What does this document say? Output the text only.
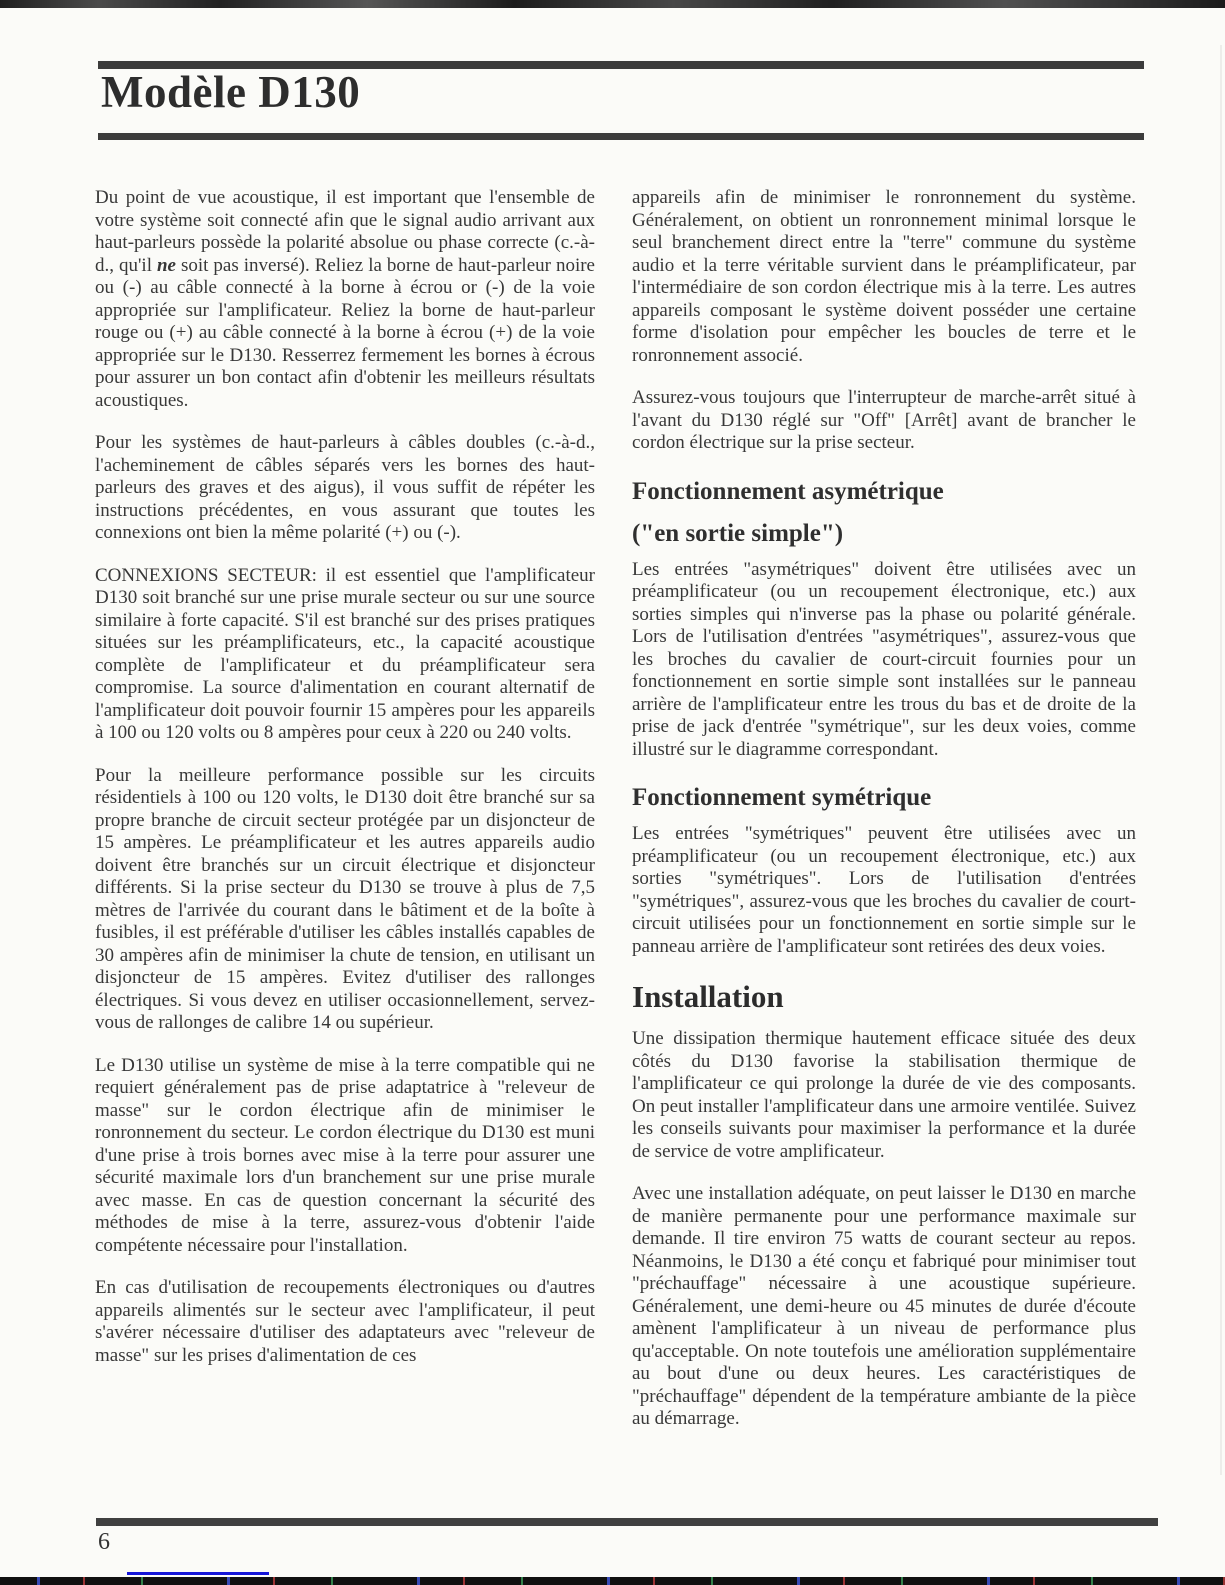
Modèle D130

Du point de vue acoustique, il est important que l'ensemble de votre système soit connecté afin que le signal audio arrivant aux haut-parleurs possède la polarité absolue ou phase correcte (c.-à-d., qu'il ne soit pas inversé). Reliez la borne de haut-parleur noire ou (-) au câble connecté à la borne à écrou or (-) de la voie appropriée sur l'amplificateur. Reliez la borne de haut-parleur rouge ou (+) au câble connecté à la borne à écrou (+) de la voie appropriée sur le D130. Resserrez fermement les bornes à écrous pour assurer un bon contact afin d'obtenir les meilleurs résultats acoustiques.

Pour les systèmes de haut-parleurs à câbles doubles (c.-à-d., l'acheminement de câbles séparés vers les bornes des haut-parleurs des graves et des aigus), il vous suffit de répéter les instructions précédentes, en vous assurant que toutes les connexions ont bien la même polarité (+) ou (-).

CONNEXIONS SECTEUR: il est essentiel que l'amplificateur D130 soit branché sur une prise murale secteur ou sur une source similaire à forte capacité. S'il est branché sur des prises pratiques situées sur les préamplificateurs, etc., la capacité acoustique complète de l'amplificateur et du préamplificateur sera compromise. La source d'alimentation en courant alternatif de l'amplificateur doit pouvoir fournir 15 ampères pour les appareils à 100 ou 120 volts ou 8 ampères pour ceux à 220 ou 240 volts.

Pour la meilleure performance possible sur les circuits résidentiels à 100 ou 120 volts, le D130 doit être branché sur sa propre branche de circuit secteur protégée par un disjoncteur de 15 ampères. Le préamplificateur et les autres appareils audio doivent être branchés sur un circuit électrique et disjoncteur différents. Si la prise secteur du D130 se trouve à plus de 7,5 mètres de l'arrivée du courant dans le bâtiment et de la boîte à fusibles, il est préférable d'utiliser les câbles installés capables de 30 ampères afin de minimiser la chute de tension, en utilisant un disjoncteur de 15 ampères. Evitez d'utiliser des rallonges électriques. Si vous devez en utiliser occasionnellement, servez-vous de rallonges de calibre 14 ou supérieur.

Le D130 utilise un système de mise à la terre compatible qui ne requiert généralement pas de prise adaptatrice à "releveur de masse" sur le cordon électrique afin de minimiser le ronronnement du secteur. Le cordon électrique du D130 est muni d'une prise à trois bornes avec mise à la terre pour assurer une sécurité maximale lors d'un branchement sur une prise murale avec masse. En cas de question concernant la sécurité des méthodes de mise à la terre, assurez-vous d'obtenir l'aide compétente nécessaire pour l'installation.

En cas d'utilisation de recoupements électroniques ou d'autres appareils alimentés sur le secteur avec l'amplificateur, il peut s'avérer nécessaire d'utiliser des adaptateurs avec "releveur de masse" sur les prises d'alimentation de ces

appareils afin de minimiser le ronronnement du système. Généralement, on obtient un ronronnement minimal lorsque le seul branchement direct entre la "terre" commune du système audio et la terre véritable survient dans le préamplificateur, par l'intermédiaire de son cordon électrique mis à la terre. Les autres appareils composant le système doivent posséder une certaine forme d'isolation pour empêcher les boucles de terre et le ronronnement associé.

Assurez-vous toujours que l'interrupteur de marche-arrêt situé à l'avant du D130 réglé sur "Off" [Arrêt] avant de brancher le cordon électrique sur la prise secteur.

Fonctionnement asymétrique
("en sortie simple")

Les entrées "asymétriques" doivent être utilisées avec un préamplificateur (ou un recoupement électronique, etc.) aux sorties simples qui n'inverse pas la phase ou polarité générale. Lors de l'utilisation d'entrées "asymétriques", assurez-vous que les broches du cavalier de court-circuit fournies pour un fonctionnement en sortie simple sont installées sur le panneau arrière de l'amplificateur entre les trous du bas et de droite de la prise de jack d'entrée "symétrique", sur les deux voies, comme illustré sur le diagramme correspondant.

Fonctionnement symétrique

Les entrées "symétriques" peuvent être utilisées avec un préamplificateur (ou un recoupement électronique, etc.) aux sorties "symétriques". Lors de l'utilisation d'entrées "symétriques", assurez-vous que les broches du cavalier de court-circuit utilisées pour un fonctionnement en sortie simple sur le panneau arrière de l'amplificateur sont retirées des deux voies.

Installation

Une dissipation thermique hautement efficace située des deux côtés du D130 favorise la stabilisation thermique de l'amplificateur ce qui prolonge la durée de vie des composants. On peut installer l'amplificateur dans une armoire ventilée. Suivez les conseils suivants pour maximiser la performance et la durée de service de votre amplificateur.

Avec une installation adéquate, on peut laisser le D130 en marche de manière permanente pour une performance maximale sur demande. Il tire environ 75 watts de courant secteur au repos. Néanmoins, le D130 a été conçu et fabriqué pour minimiser tout "préchauffage" nécessaire à une acoustique supérieure. Généralement, une demi-heure ou 45 minutes de durée d'écoute amènent l'amplificateur à un niveau de performance plus qu'acceptable. On note toutefois une amélioration supplémentaire au bout d'une ou deux heures. Les caractéristiques de "préchauffage" dépendent de la température ambiante de la pièce au démarrage.

6
